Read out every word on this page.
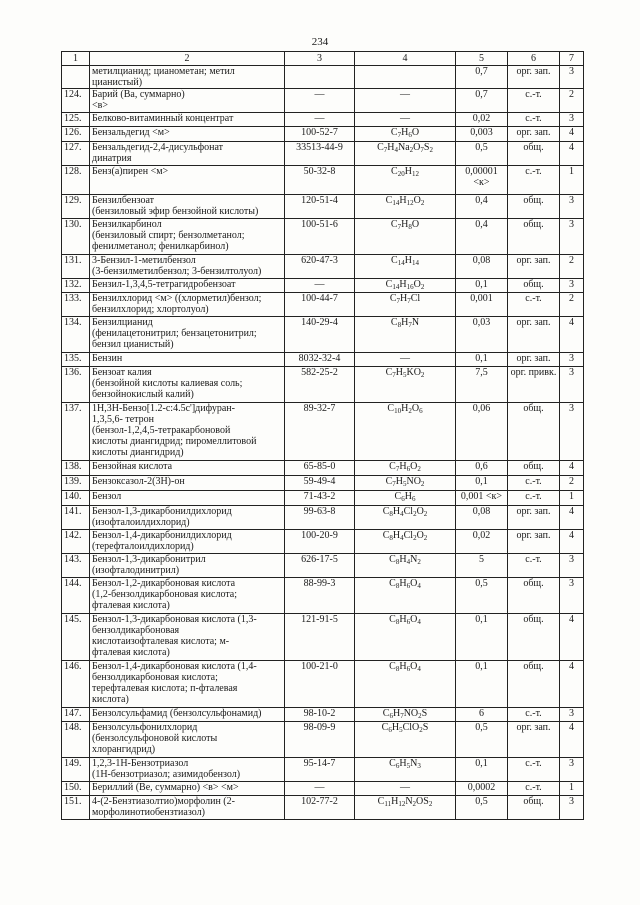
234
1	2	3	4	5	6	7

	метилцианид; цианометан; метил
цианистый)			0,7	орг. зап.	3
124.	Барий (Ва, суммарно)
<в>	—	—	0,7	с.-т.	2
125.	Белково-витаминный концентрат	—	—	0,02	с.-т.	3
126.	Бензальдегид <м>	100-52-7	$C_7H_6O$	0,003	орг. зап.	4
127.	Бензальдегид-2,4-дисульфонат
динатрия	33513-44-9	$C_7H_4Na_2O_7S_2$	0,5	общ.	4
128.	Бенз(а)пирен <м>	50-32-8	$C_{20}H_{12}$	0,00001 <к>	с.-т.	1
129.	Бензилбензоат
(бензиловый эфир бензойной кислоты)	120-51-4	$C_{14}H_{12}O_2$	0,4	общ.	3
130.	Бензилкарбинол
(бензиловый спирт; бензолметанол;
фенилметанол; фенилкарбинол)	100-51-6	$C_7H_8O$	0,4	общ.	3
131.	3-Бензил-1-метилбензол
(3-бензилметилбензол; 3-бензилтолуол)	620-47-3	$C_{14}H_{14}$	0,08	орг. зап.	2
132.	Бензил-1,3,4,5-тетрагидробензоат	—	$C_{14}H_{16}O_2$	0,1	общ.	3
133.	Бензилхлорид <м> ((хлорметил)бензол;
бензилхлорид; хлортолуол)	100-44-7	$C_7H_7Cl$	0,001	с.-т.	2
134.	Бензилцианид
(фенилацетонитрил; бензацетонитрил;
бензил цианистый)	140-29-4	$C_8H_7N$	0,03	орг. зап.	4
135.	Бензин	8032-32-4	—	0,1	орг. зап.	3
136.	Бензоат калия
(бензойной кислоты калиевая соль;
бензойнокислый калий)	582-25-2	$C_7H_5KO_2$	7,5	орг. привк.	3
137.	1Н,3Н-Бензо[1.2-с:4.5с']дифуран-
1,3,5,6- тетрон
(бензол-1,2,4,5-тетракарбоновой
кислоты диангидрид; пиромеллитовой
кислоты диангидрид)	89-32-7	$C_{10}H_2O_6$	0,06	общ.	3
138.	Бензойная кислота	65-85-0	$C_7H_6O_2$	0,6	общ.	4
139.	Бензоксазол-2(3Н)-он	59-49-4	$C_7H_5NO_2$	0,1	с.-т.	2
140.	Бензол	71-43-2	$C_6H_6$	0,001 <к>	с.-т.	1
141.	Бензол-1,3-дикарбонилдихлорид
(изофталоилдихлорид)	99-63-8	$C_8H_4Cl_2O_2$	0,08	орг. зап.	4
142.	Бензол-1,4-дикарбонилдихлорид
(терефталоилдихлорид)	100-20-9	$C_8H_4Cl_2O_2$	0,02	орг. зап.	4
143.	Бензол-1,3-дикарбонитрил
(изофталодинитрил)	626-17-5	$C_8H_4N_2$	5	с.-т.	3
144.	Бензол-1,2-дикарбоновая кислота
(1,2-бензолдикарбоновая кислота;
фталевая кислота)	88-99-3	$C_8H_6O_4$	0,5	общ.	3
145.	Бензол-1,3-дикарбоновая кислота (1,3-
бензолдикарбоновая
кислотаизофталевая кислота; м-
фталевая кислота)	121-91-5	$C_8H_6O_4$	0,1	общ.	4
146.	Бензол-1,4-дикарбоновая кислота (1,4-
бензолдикарбоновая кислота;
терефталевая кислота; п-фталевая
кислота)	100-21-0	$C_8H_6O_4$	0,1	общ.	4
147.	Бензолсульфамид (бензолсульфонамид)	98-10-2	$C_6H_7NO_2S$	6	с.-т.	3
148.	Бензолсульфонилхлорид
(бензолсульфоновой кислоты
хлорангидрид)	98-09-9	$C_6H_5ClO_2S$	0,5	орг. зап.	4
149.	1,2,3-1Н-Бензотриазол
(1Н-бензотриазол; азимидобензол)	95-14-7	$C_6H_5N_3$	0,1	с.-т.	3
150.	Бериллий (Ве, суммарно) <в> <м>	—	—	0,0002	с.-т.	1
151.	4-(2-Бензтиазолтио)морфолин (2-
морфолинотиобензтиазол)	102-77-2	$C_{11}H_{12}N_2OS_2$	0,5	общ.	3
